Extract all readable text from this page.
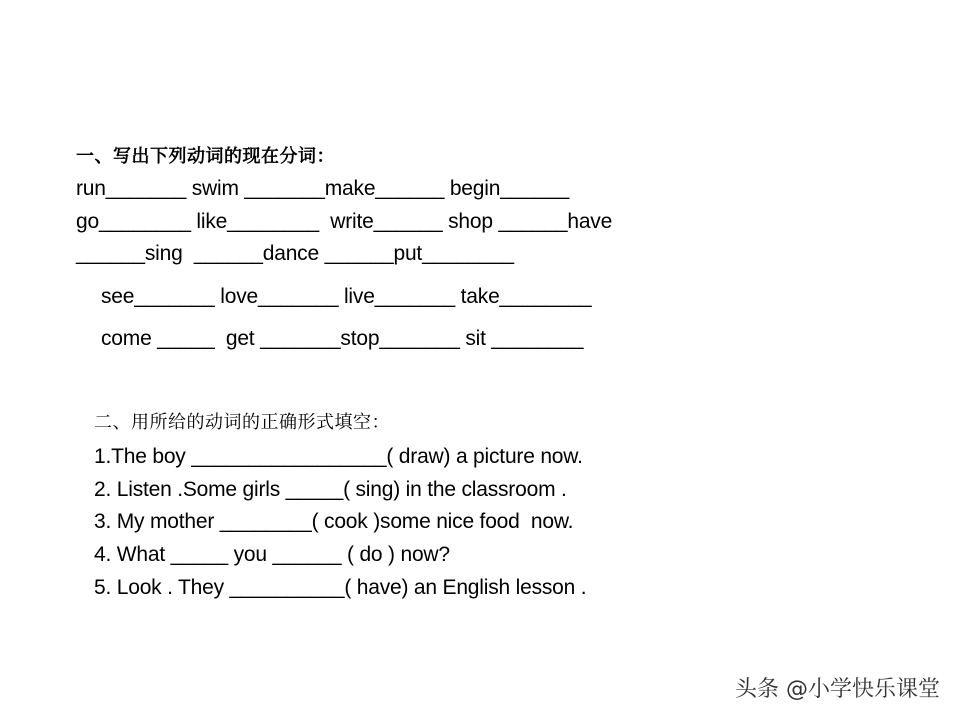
一、写出下列动词的现在分词：
run_______ swim _______make______ begin______
go________ like________  write______ shop ______have
______sing  ______dance ______put________
see_______ love_______ live_______ take________
come _____  get _______stop_______ sit ________
二、用所给的动词的正确形式填空：
1.The boy _________________( draw) a picture now.
2. Listen .Some girls _____( sing) in the classroom .
3. My mother ________( cook )some nice food  now.
4. What _____ you ______ ( do ) now?
5. Look . They __________( have) an English lesson .
头条 @小学快乐课堂
